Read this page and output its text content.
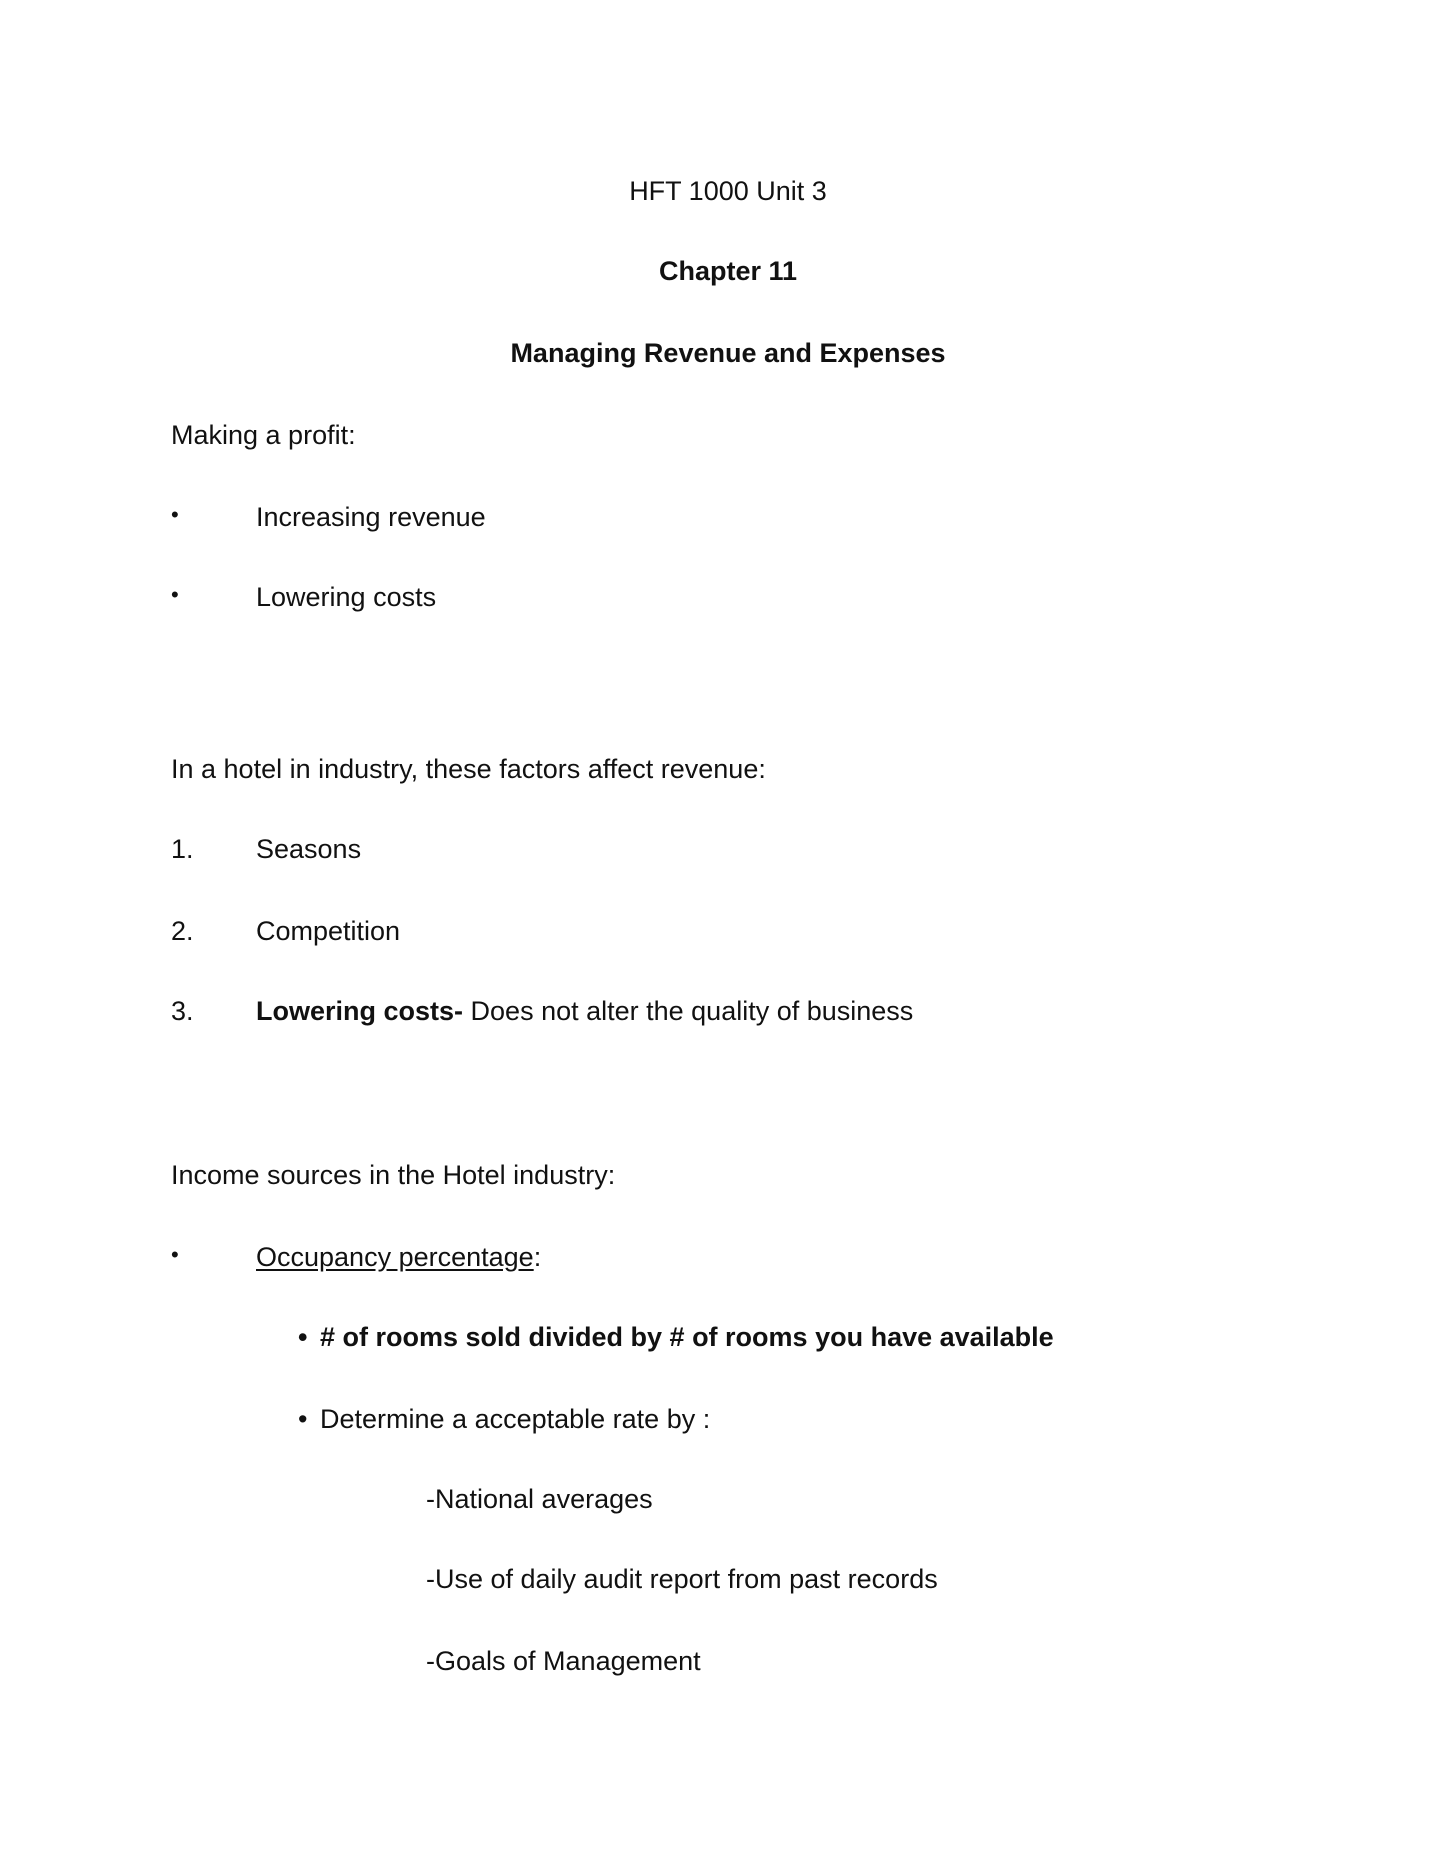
HFT 1000 Unit 3
Chapter 11
Managing Revenue and Expenses
Making a profit:
•	Increasing revenue
•	Lowering costs
In a hotel in industry, these factors affect revenue:
1. Seasons
2. Competition
3. Lowering costs- Does not alter the quality of business
Income sources in the Hotel industry:
•	Occupancy percentage:
• # of rooms sold divided by # of rooms you have available
• Determine a acceptable rate by :
-National averages
-Use of daily audit report from past records
-Goals of Management
